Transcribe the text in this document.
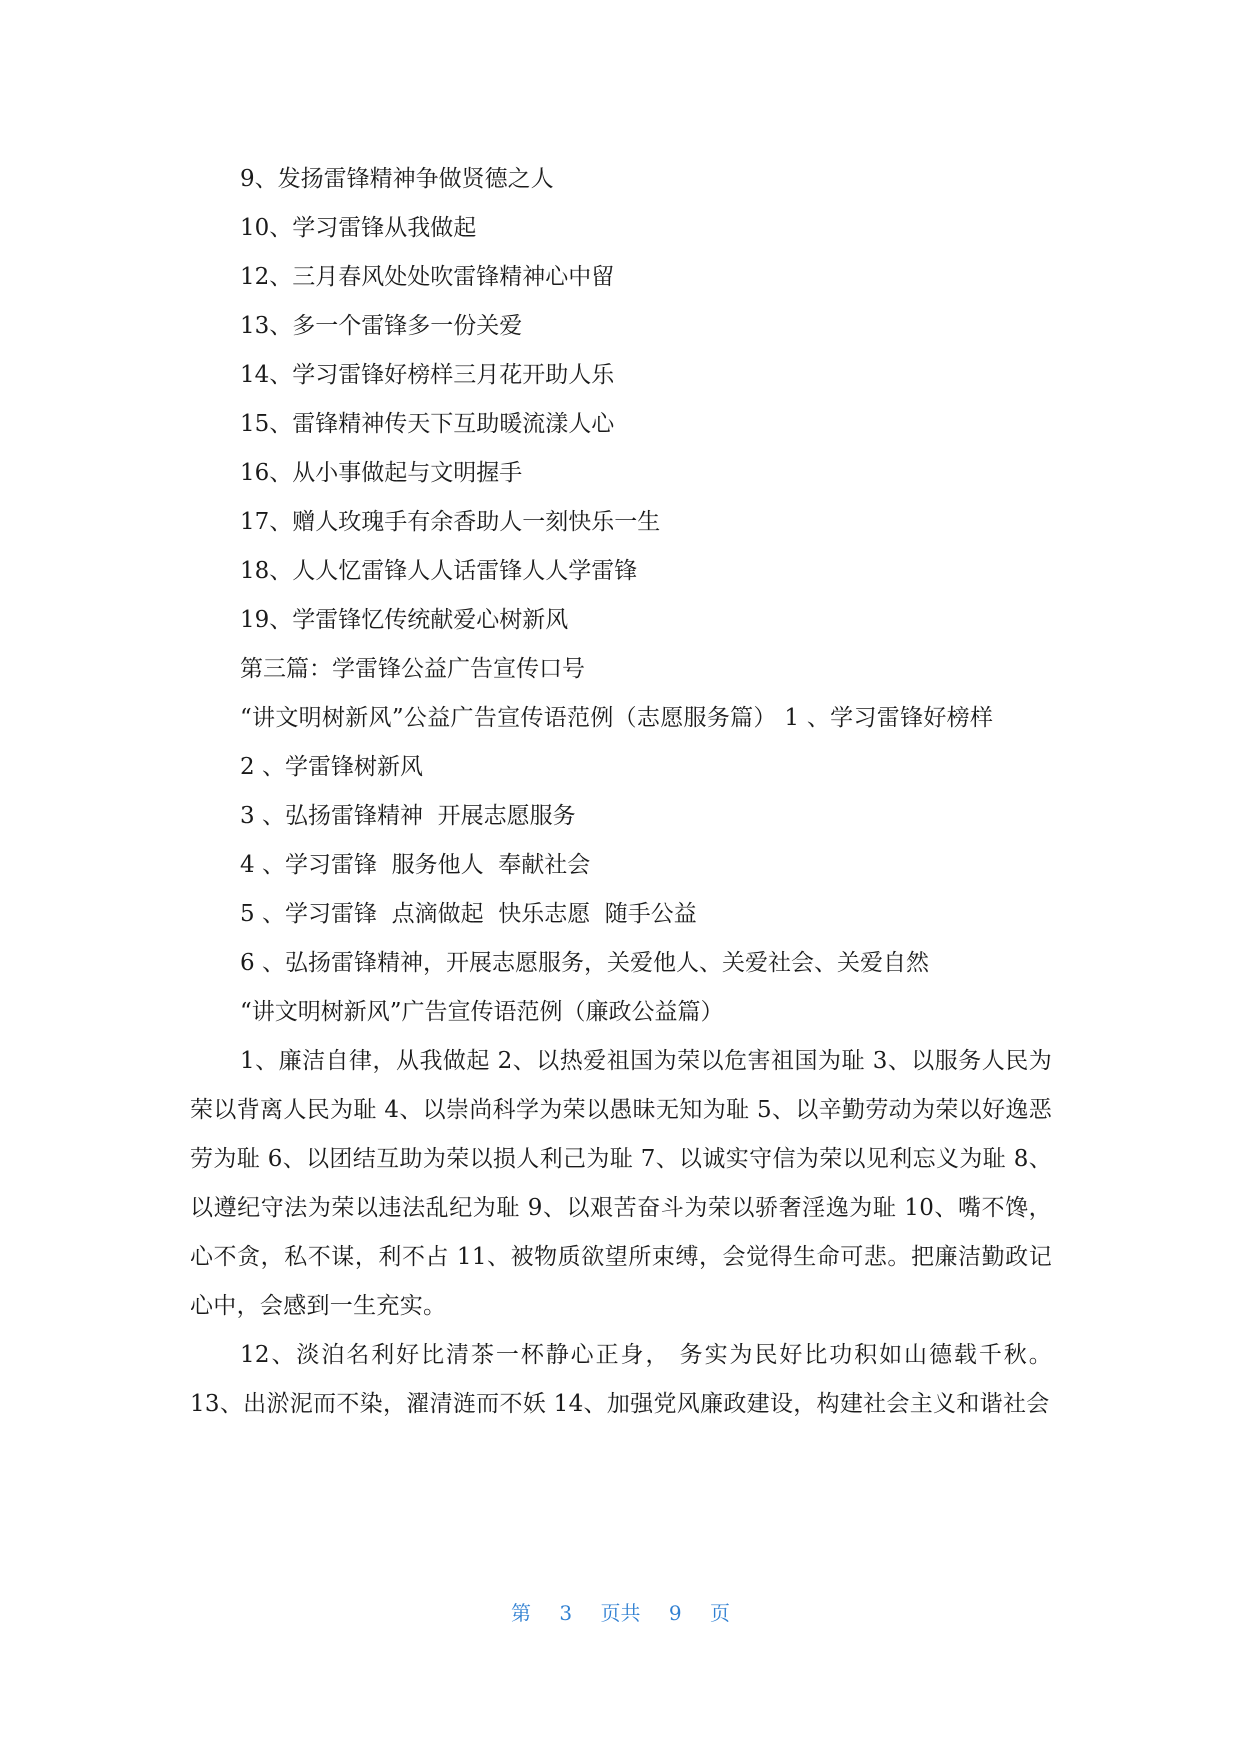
9、发扬雷锋精神争做贤德之人
10、学习雷锋从我做起
12、三月春风处处吹雷锋精神心中留
13、多一个雷锋多一份关爱
14、学习雷锋好榜样三月花开助人乐
15、雷锋精神传天下互助暖流漾人心
16、从小事做起与文明握手
17、赠人玫瑰手有余香助人一刻快乐一生
18、人人忆雷锋人人话雷锋人人学雷锋
19、学雷锋忆传统献爱心树新风
第三篇：学雷锋公益广告宣传口号
“讲文明树新风”公益广告宣传语范例（志愿服务篇） 1 、学习雷锋好榜样
2 、学雷锋树新风
3 、弘扬雷锋精神  开展志愿服务
4 、学习雷锋  服务他人  奉献社会
5 、学习雷锋  点滴做起  快乐志愿  随手公益
6 、弘扬雷锋精神，开展志愿服务，关爱他人、关爱社会、关爱自然
“讲文明树新风”广告宣传语范例（廉政公益篇）
1、廉洁自律，从我做起 2、以热爱祖国为荣以危害祖国为耻 3、以服务人民为荣以背离人民为耻 4、以崇尚科学为荣以愚昧无知为耻 5、以辛勤劳动为荣以好逸恶劳为耻 6、以团结互助为荣以损人利己为耻 7、以诚实守信为荣以见利忘义为耻 8、以遵纪守法为荣以违法乱纪为耻 9、以艰苦奋斗为荣以骄奢淫逸为耻 10、嘴不馋，心不贪，私不谋，利不占 11、被物质欲望所束缚，会觉得生命可悲。把廉洁勤政记心中，会感到一生充实。
12、淡泊名利好比清茶一杯静心正身， 务实为民好比功积如山德载千秋。13、出淤泥而不染，濯清涟而不妖 14、加强党风廉政建设，构建社会主义和谐社会
第 3 页共 9 页
